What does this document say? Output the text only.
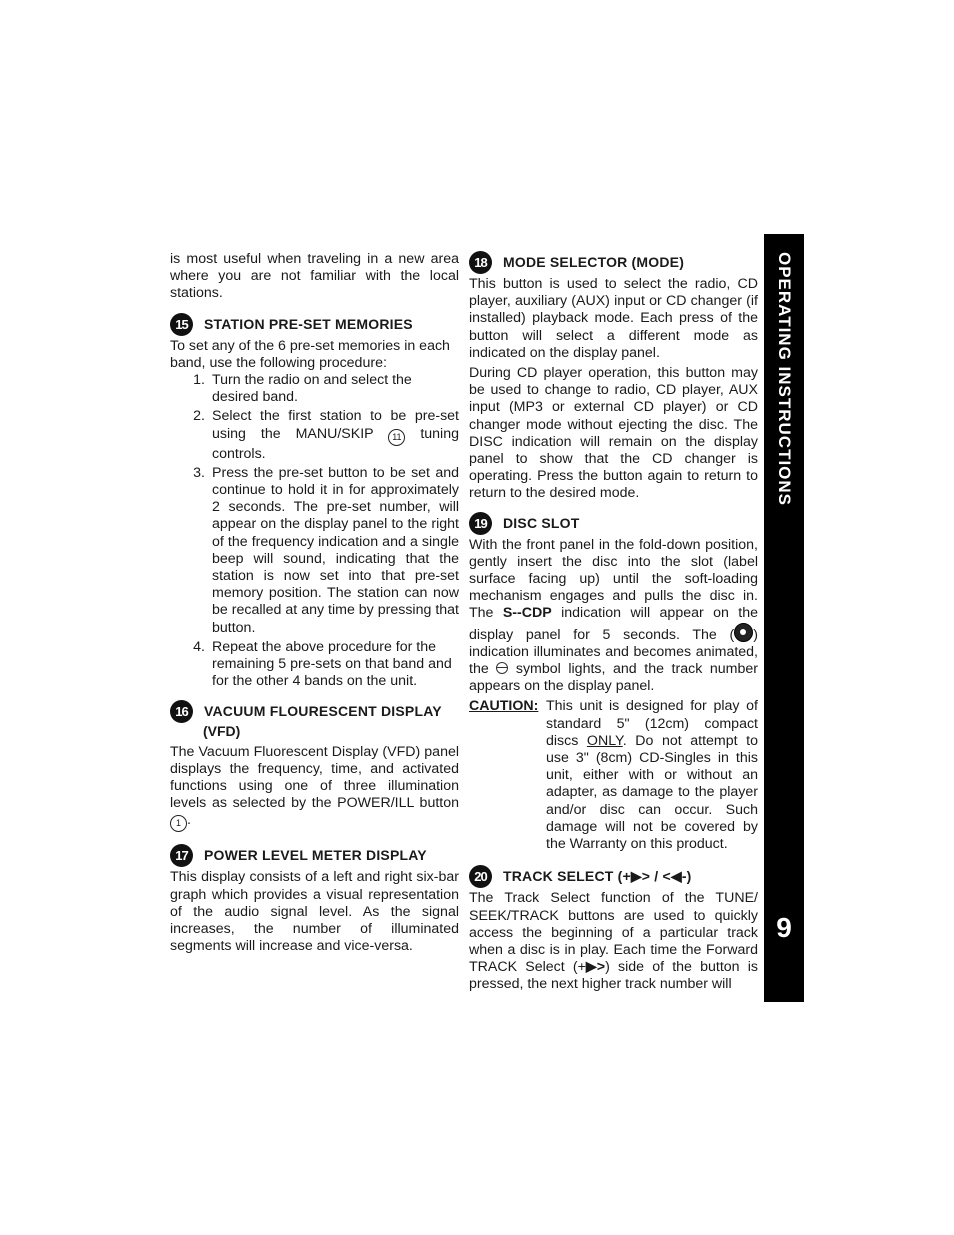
is most useful when traveling in a new area where you are not familiar with the local stations.

15	STATION PRE-SET MEMORIES

To set any of the 6 pre-set memories in each band, use the following procedure:

1. Turn the radio on and select the desired band.
2. Select the first station to be pre-set using the MANU/SKIP 11 tuning controls.
3. Press the pre-set button to be set and continue to hold it in for approximately 2 seconds. The pre-set number, will appear on the display panel to the right of the frequency indication and a single beep will sound, indicating that the station is now set into that pre-set memory position. The station can now be recalled at any time by pressing that button.
4. Repeat the above procedure for the remaining 5 pre-sets on that band and for the other 4 bands on the unit.
16	VACUUM FLOURESCENT DISPLAY
(VFD)

The Vacuum Fluorescent Display (VFD) panel displays the frequency, time, and activated functions using one of three illumination levels as selected by the POWER/ILL button 1 .

17	POWER LEVEL METER DISPLAY

This display consists of a left and right six-bar graph which provides a visual representation of the audio signal level. As the signal increases, the number of illuminated segments will increase and vice-versa.

18	MODE SELECTOR (MODE)

This button is used to select the radio, CD player, auxiliary (AUX) input or CD changer (if installed) playback mode. Each press of the button will select a different mode as indicated on the display panel.

During CD player operation, this button may be used to change to radio, CD player, AUX input (MP3 or external CD player) or CD changer mode without ejecting the disc. The DISC indication will remain on the display panel to show that the CD changer is operating. Press the button again to return to return to the desired mode.

19	DISC SLOT

With the front panel in the fold-down position, gently insert the disc into the slot (label surface facing up) until the soft-loading mechanism engages and pulls the disc in. The S--CDP indication will appear on the display panel for 5 seconds. The ( ) indication illuminates and becomes animated, the  symbol lights, and the track number appears on the display panel.

CAUTION: This unit is designed for play of standard 5" (12cm) compact discs ONLY. Do not attempt to use 3" (8cm) CD-Singles in this unit, either with or without an adapter, as damage to the player and/or disc can occur. Such damage will not be covered by the Warranty on this product.
20	TRACK SELECT (+▶> / <◀-)

The Track Select function of the TUNE/ SEEK/TRACK buttons are used to quickly access the beginning of a particular track when a disc is in play. Each time the Forward TRACK Select (+▶>) side of the button is pressed, the next higher track number will

OPERATING INSTRUCTIONS
9
